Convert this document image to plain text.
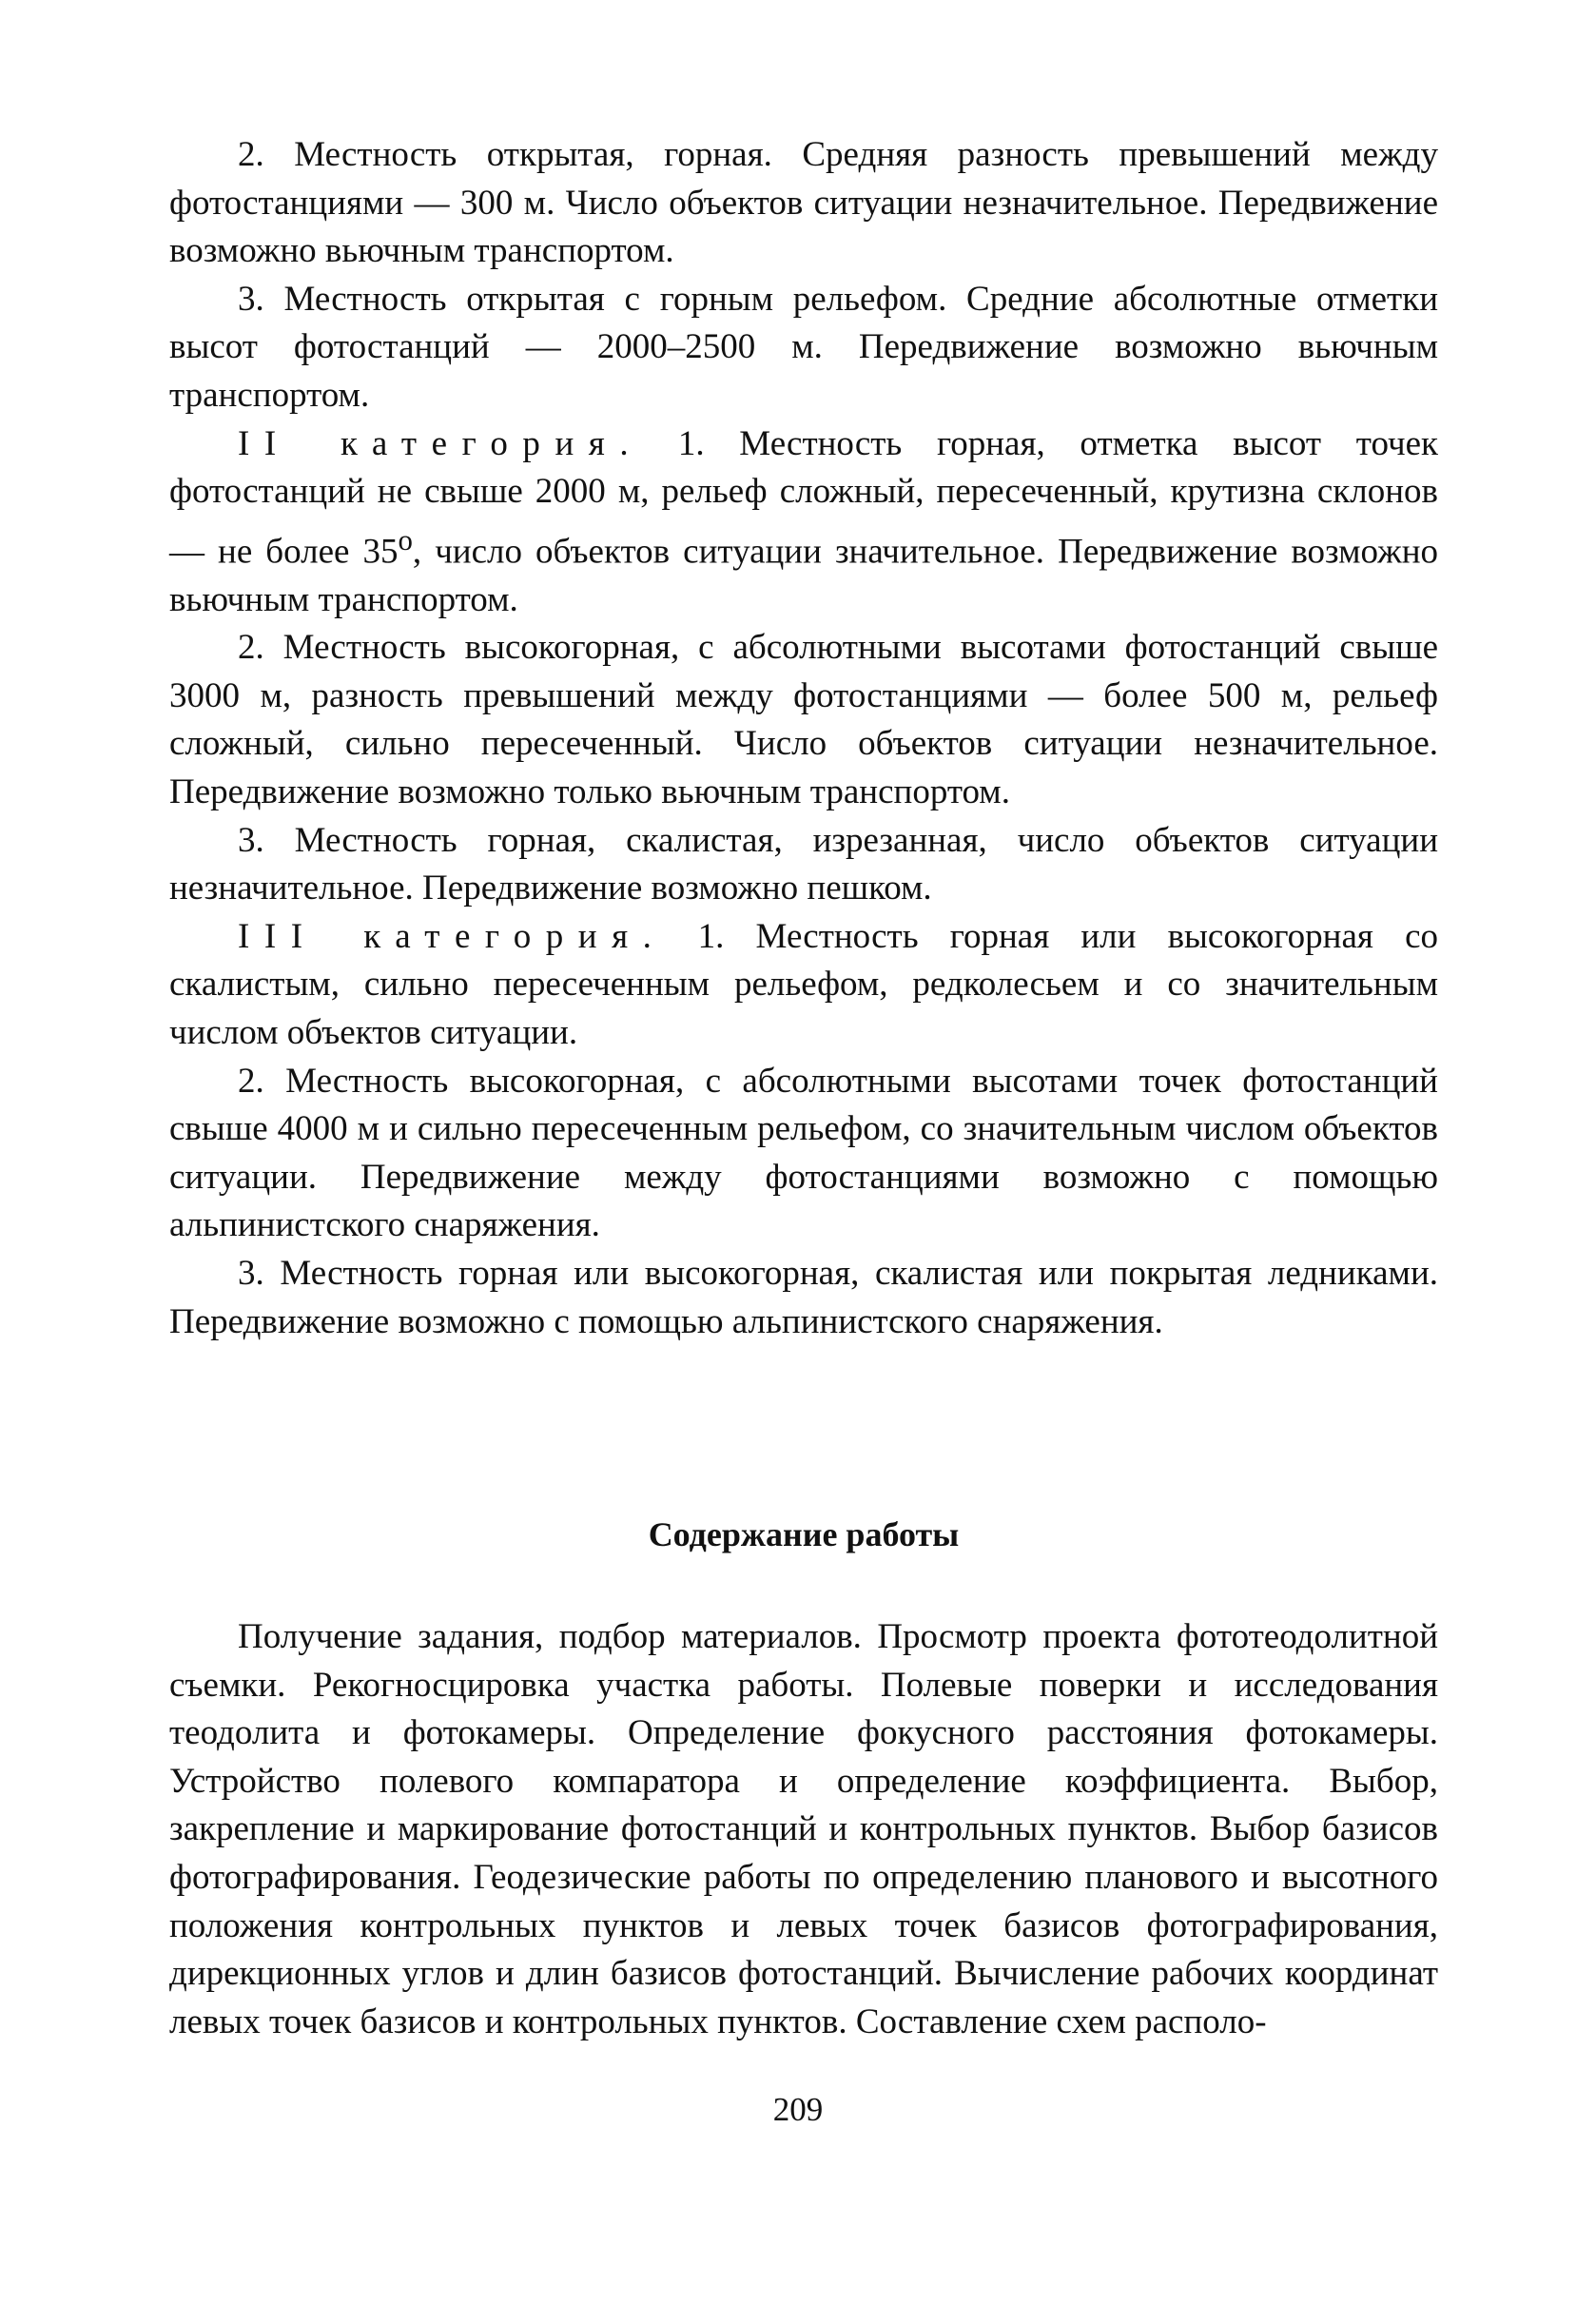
2. Местность открытая, горная. Средняя разность превышений между фотостанциями — 300 м. Число объектов ситуации незначительное. Передвижение возможно вьючным транспортом.

3. Местность открытая с горным рельефом. Средние абсолютные отметки высот фотостанций — 2000–2500 м. Передвижение возможно вьючным транспортом.

II категория. 1. Местность горная, отметка высот точек фотостанций не свыше 2000 м, рельеф сложный, пересеченный, крутизна склонов — не более $35^о$, число объектов ситуации значительное. Передвижение возможно вьючным транспортом.

2. Местность высокогорная, с абсолютными высотами фотостанций свыше 3000 м, разность превышений между фотостанциями — более 500 м, рельеф сложный, сильно пересеченный. Число объектов ситуации незначительное. Передвижение возможно только вьючным транспортом.

3. Местность горная, скалистая, изрезанная, число объектов ситуации незначительное. Передвижение возможно пешком.

III категория. 1. Местность горная или высокогорная со скалистым, сильно пересеченным рельефом, редколесьем и со значительным числом объектов ситуации.

2. Местность высокогорная, с абсолютными высотами точек фотостанций свыше 4000 м и сильно пересеченным рельефом, со значительным числом объектов ситуации. Передвижение между фотостанциями возможно с помощью альпинистского снаряжения.

3. Местность горная или высокогорная, скалистая или покрытая ледниками. Передвижение возможно с помощью альпинистского снаряжения.

Содержание работы

Получение задания, подбор материалов. Просмотр проекта фототеодолитной съемки. Рекогносцировка участка работы. Полевые поверки и исследования теодолита и фотокамеры. Определение фокусного расстояния фотокамеры. Устройство полевого компаратора и определение коэффициента. Выбор, закрепление и маркирование фотостанций и контрольных пунктов. Выбор базисов фотографирования. Геодезические работы по определению планового и высотного положения контрольных пунктов и левых точек базисов фотографирования, дирекционных углов и длин базисов фотостанций. Вычисление рабочих координат левых точек базисов и контрольных пунктов. Составление схем располо-

209
